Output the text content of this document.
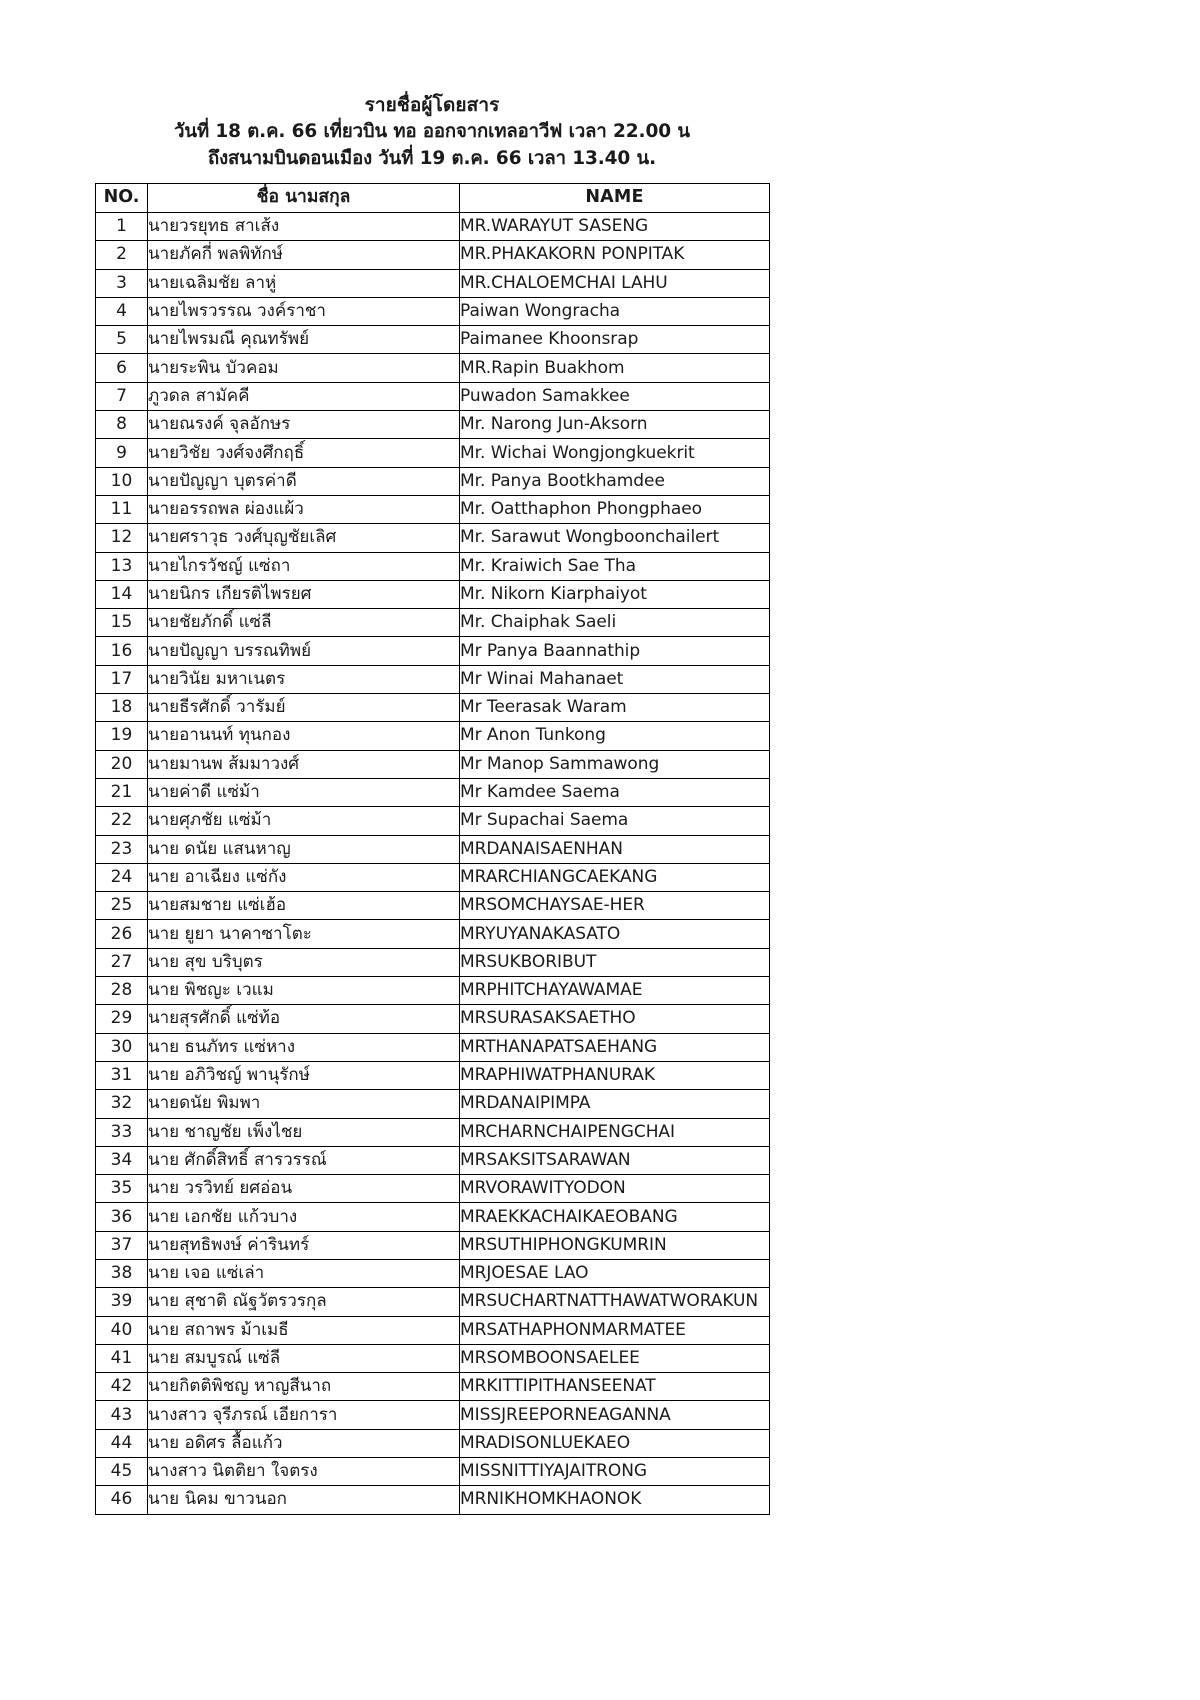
รายชื่อผู้โดยสาร
วันที่ 18 ต.ค. 66 เที่ยวบิน ทอ ออกจากเทลอาวีฟ เวลา 22.00 น
ถึงสนามบินดอนเมือง วันที่ 19 ต.ค. 66 เวลา 13.40 น.
NO.	ชื่อ นามสกุล	NAME
1	นายวรยุทธ สาเส้ง	MR.WARAYUT SASENG
2	นายภัคกี่ พลพิทักษ์	MR.PHAKAKORN PONPITAK
3	นายเฉลิมชัย ลาหู่	MR.CHALOEMCHAI LAHU
4	นายไพรวรรณ วงค์ราชา	Paiwan Wongracha
5	นายไพรมณี คุณทรัพย์	Paimanee Khoonsrap
6	นายระพิน บัวคอม	MR.Rapin Buakhom
7	ภูวดล สามัคคี	Puwadon Samakkee
8	นายณรงค์ จุลอักษร	Mr. Narong Jun-Aksorn
9	นายวิชัย วงศ์จงศึกฤธิ์	Mr. Wichai Wongjongkuekrit
10	นายปัญญา บุตรค่าดี	Mr. Panya Bootkhamdee
11	นายอรรถพล ผ่องแผ้ว	Mr. Oatthaphon Phongphaeo
12	นายศราวุธ วงศ์บุญชัยเลิศ	Mr. Sarawut Wongboonchailert
13	นายไกรวัชญ์ แซ่ถา	Mr. Kraiwich Sae Tha
14	นายนิกร เกียรติไพรยศ	Mr. Nikorn Kiarphaiyot
15	นายชัยภักดิ์ แซ่ลี	Mr. Chaiphak Saeli
16	นายปัญญา บรรณทิพย์	Mr Panya Baannathip
17	นายวินัย มหาเนตร	Mr Winai Mahanaet
18	นายธีรศักดิ์ วารัมย์	Mr Teerasak Waram
19	นายอานนท์ ทุนกอง	Mr Anon Tunkong
20	นายมานพ ส้มมาวงศ์	Mr Manop Sammawong
21	นายค่าดี แซ่ม้า	Mr Kamdee Saema
22	นายศุภชัย แซ่ม้า	Mr Supachai Saema
23	นาย ดนัย แสนหาญ	MRDANAISAENHAN
24	นาย อาเฉียง แซ่กัง	MRARCHIANGCAEKANG
25	นายสมชาย แซ่เฮ้อ	MRSOMCHAYSAE-HER
26	นาย ยูยา นาคาซาโตะ	MRYUYANAKASATO
27	นาย สุข บริบุตร	MRSUKBORIBUT
28	นาย พิชญะ เวแม	MRPHITCHAYAWAMAE
29	นายสุรศักดิ์ แซ่ท้อ	MRSURASAKSAETHO
30	นาย ธนภัทร แซ่หาง	MRTHANAPATSAEHANG
31	นาย อภิวิชญ์ พานุรักษ์	MRAPHIWATPHANURAK
32	นายดนัย พิมพา	MRDANAIPIMPA
33	นาย ชาญชัย เพ็งไชย	MRCHARNCHAIPENGCHAI
34	นาย ศักดิ์สิทธิ์ สารวรรณ์	MRSAKSITSARAWAN
35	นาย วรวิทย์ ยศอ่อน	MRVORAWITYODON
36	นาย เอกชัย แก้วบาง	MRAEKKACHAIKAEOBANG
37	นายสุทธิพงษ์ ค่ารินทร์	MRSUTHIPHONGKUMRIN
38	นาย เจอ แซ่เล่า	MRJOESAE LAO
39	นาย สุชาติ ณัฐวัตรวรกุล	MRSUCHARTNATTHAWATWORAKUN
40	นาย สถาพร ม้าเมธี	MRSATHAPHONMARMATEE
41	นาย สมบูรณ์ แซ่ลี	MRSOMBOONSAELEE
42	นายกิตติพิชญ หาญสีนาถ	MRKITTIPITHANSEENAT
43	นางสาว จุรีภรณ์ เอียการา	MISSJREEPORNEAGANNA
44	นาย อดิศร ลื้อแก้ว	MRADISONLUEKAEO
45	นางสาว นิตติยา ใจตรง	MISSNITTIYAJAITRONG
46	นาย นิคม ขาวนอก	MRNIKHOMKHAONOK
